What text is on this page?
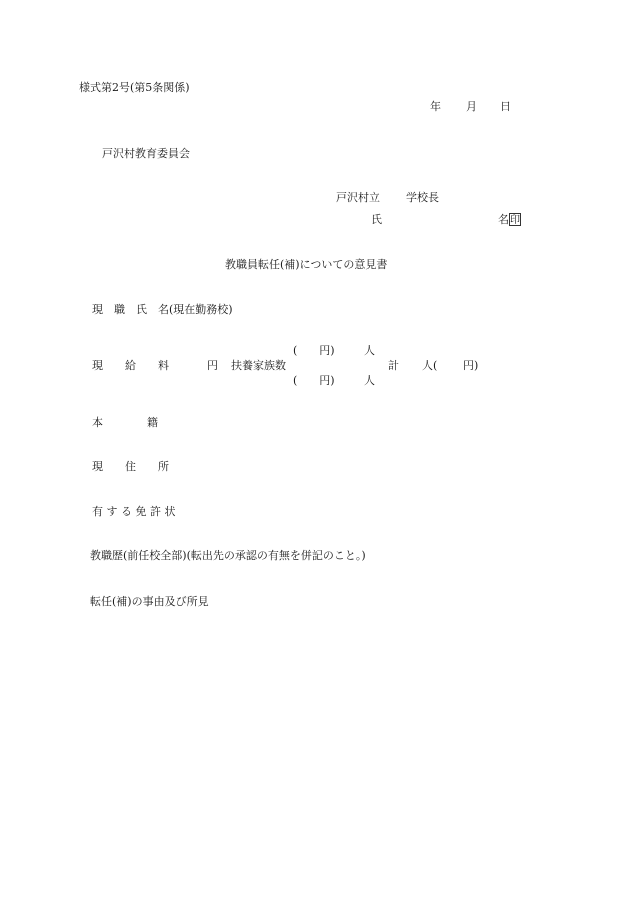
様式第2号(第5条関係)
年 月 日
戸沢村教育委員会
戸沢村立 学校長
氏	名 印
教職員転任(補)についての意見書
現　職　氏　名(現在勤務校)
(　　円)	人
現　　給　　料	円 扶養家族数	計 人( 円)
(　　円)	人
本　　　　籍
現　　住　　所
有 す る 免 許 状
教職歴(前任校全部)(転出先の承認の有無を併記のこと。)
転任(補)の事由及び所見
